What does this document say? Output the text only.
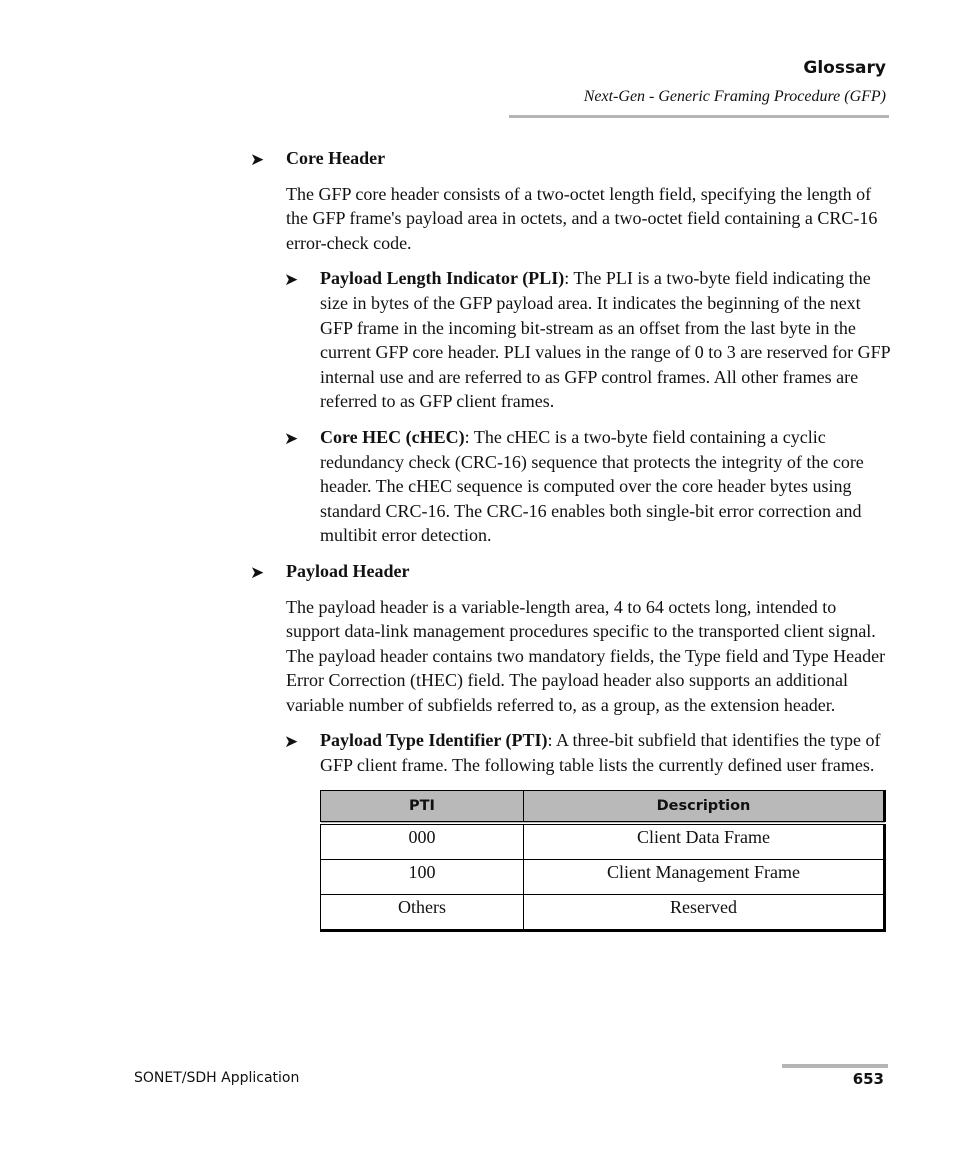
Glossary
Next-Gen - Generic Framing Procedure (GFP)
➤ Core Header
The GFP core header consists of a two-octet length field, specifying the length of the GFP frame's payload area in octets, and a two-octet field containing a CRC-16 error-check code.
➤ Payload Length Indicator (PLI): The PLI is a two-byte field indicating the size in bytes of the GFP payload area. It indicates the beginning of the next GFP frame in the incoming bit-stream as an offset from the last byte in the current GFP core header. PLI values in the range of 0 to 3 are reserved for GFP internal use and are referred to as GFP control frames. All other frames are referred to as GFP client frames.
➤ Core HEC (cHEC): The cHEC is a two-byte field containing a cyclic redundancy check (CRC-16) sequence that protects the integrity of the core header. The cHEC sequence is computed over the core header bytes using standard CRC-16. The CRC-16 enables both single-bit error correction and multibit error detection.
➤ Payload Header
The payload header is a variable-length area, 4 to 64 octets long, intended to support data-link management procedures specific to the transported client signal. The payload header contains two mandatory fields, the Type field and Type Header Error Correction (tHEC) field. The payload header also supports an additional variable number of subfields referred to, as a group, as the extension header.
➤ Payload Type Identifier (PTI): A three-bit subfield that identifies the type of GFP client frame. The following table lists the currently defined user frames.
PTI	Description
000	Client Data Frame
100	Client Management Frame
Others	Reserved
SONET/SDH Application	653
